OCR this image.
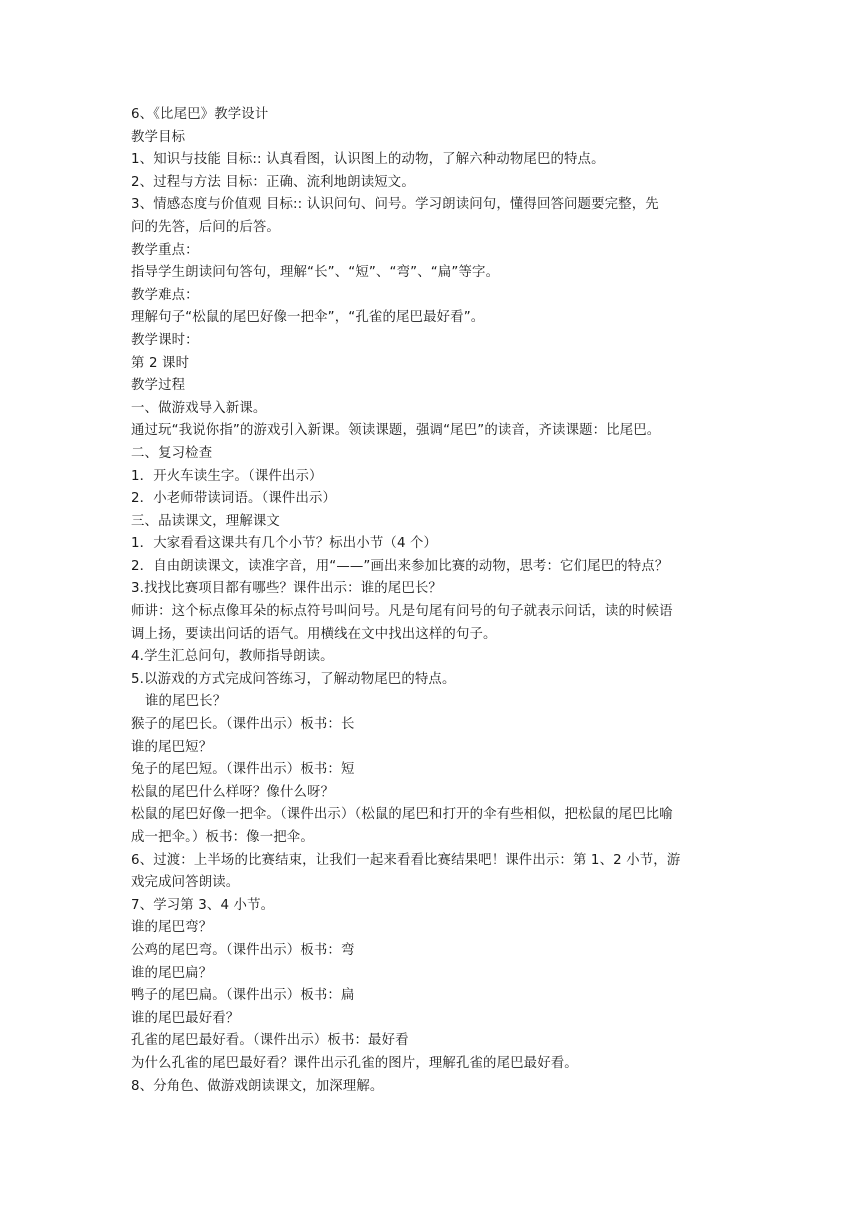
6、《比尾巴》教学设计
教学目标
1、知识与技能 目标:: 认真看图，认识图上的动物，了解六种动物尾巴的特点。
2、过程与方法 目标：正确、流利地朗读短文。
3、情感态度与价值观 目标:: 认识问句、问号。学习朗读问句，懂得回答问题要完整，先
问的先答，后问的后答。
教学重点：
指导学生朗读问句答句，理解“长”、“短”、“弯”、“扁”等字。
教学难点：
理解句子“松鼠的尾巴好像一把伞”，“孔雀的尾巴最好看”。
教学课时：
第 2 课时
教学过程
一、做游戏导入新课。
通过玩“我说你指”的游戏引入新课。领读课题，强调“尾巴”的读音，齐读课题：比尾巴。
二、复习检查
1．开火车读生字。（课件出示）
2．小老师带读词语。（课件出示）
三、品读课文，理解课文
1．大家看看这课共有几个小节？标出小节（4 个）
2．自由朗读课文，读准字音，用“——”画出来参加比赛的动物，思考：它们尾巴的特点？
3.找找比赛项目都有哪些？课件出示：谁的尾巴长？
师讲：这个标点像耳朵的标点符号叫问号。凡是句尾有问号的句子就表示问话，读的时候语
调上扬，要读出问话的语气。用横线在文中找出这样的句子。
4.学生汇总问句，教师指导朗读。
5.以游戏的方式完成问答练习，了解动物尾巴的特点。
谁的尾巴长？
猴子的尾巴长。（课件出示）板书：长
谁的尾巴短？
兔子的尾巴短。（课件出示）板书：短
松鼠的尾巴什么样呀？像什么呀？
松鼠的尾巴好像一把伞。（课件出示）（松鼠的尾巴和打开的伞有些相似，把松鼠的尾巴比喻
成一把伞。）板书：像一把伞。
6、过渡：上半场的比赛结束，让我们一起来看看比赛结果吧！课件出示：第 1、2 小节，游
戏完成问答朗读。
7、学习第 3、4 小节。
谁的尾巴弯？
公鸡的尾巴弯。（课件出示）板书：弯
谁的尾巴扁？
鸭子的尾巴扁。（课件出示）板书：扁
谁的尾巴最好看？
孔雀的尾巴最好看。（课件出示）板书：最好看
为什么孔雀的尾巴最好看？课件出示孔雀的图片，理解孔雀的尾巴最好看。
8、分角色、做游戏朗读课文，加深理解。
